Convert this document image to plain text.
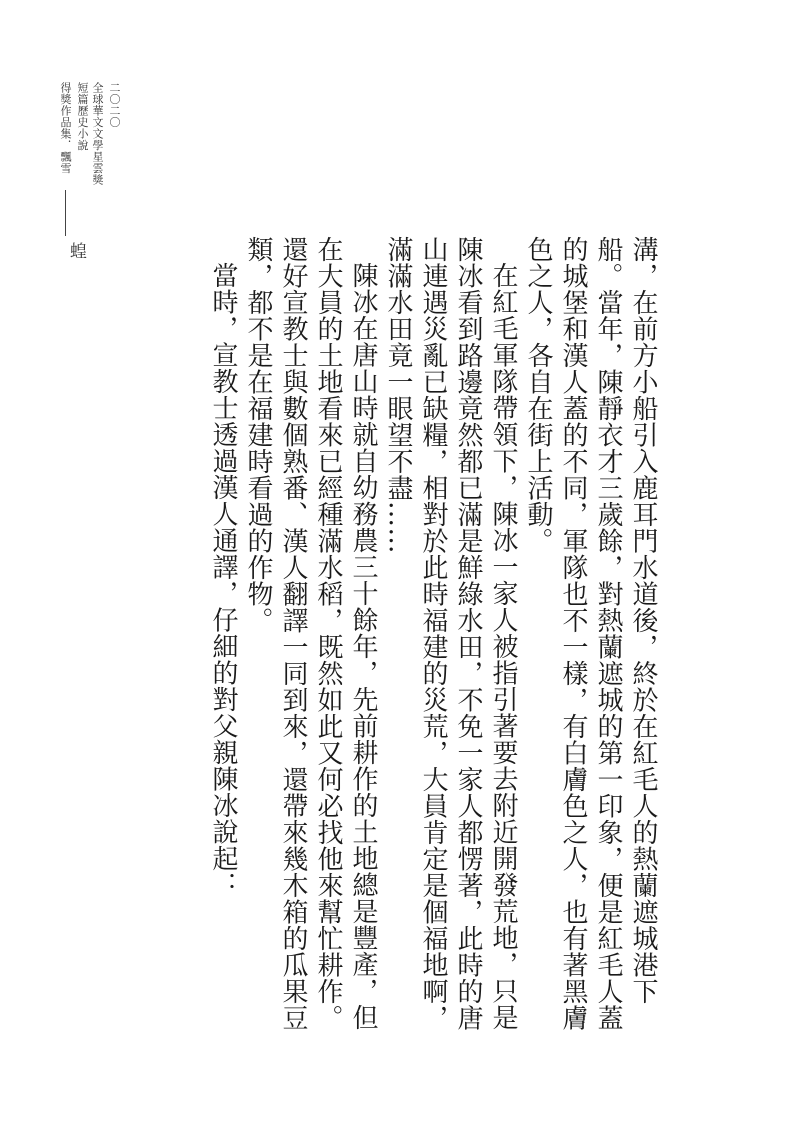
二〇二〇
全球華文文學星雲獎
短篇歷史小說
得獎作品集．飄雪
蝗	溝，在前方小船引入鹿耳門水道後，終於在紅毛人的熱蘭遮城港下船。當年，陳靜衣才三歲餘，對熱蘭遮城的第一印象，便是紅毛人蓋的城堡和漢人蓋的不同，軍隊也不一樣，有白膚色之人，也有著黑膚色之人，各自在街上活動。

在紅毛軍隊帶領下，陳冰一家人被指引著要去附近開發荒地，只是陳冰看到路邊竟然都已滿是鮮綠水田，不免一家人都愣著，此時的唐山連遇災亂已缺糧，相對於此時福建的災荒，大員肯定是個福地啊，滿滿水田竟一眼望不盡……

陳冰在唐山時就自幼務農三十餘年，先前耕作的土地總是豐產，但在大員的土地看來已經種滿水稻，既然如此又何必找他來幫忙耕作。還好宣教士與數個熟番、漢人翻譯一同到來，還帶來幾木箱的瓜果豆類，都不是在福建時看過的作物。

當時，宣教士透過漢人通譯，仔細的對父親陳冰說起：
